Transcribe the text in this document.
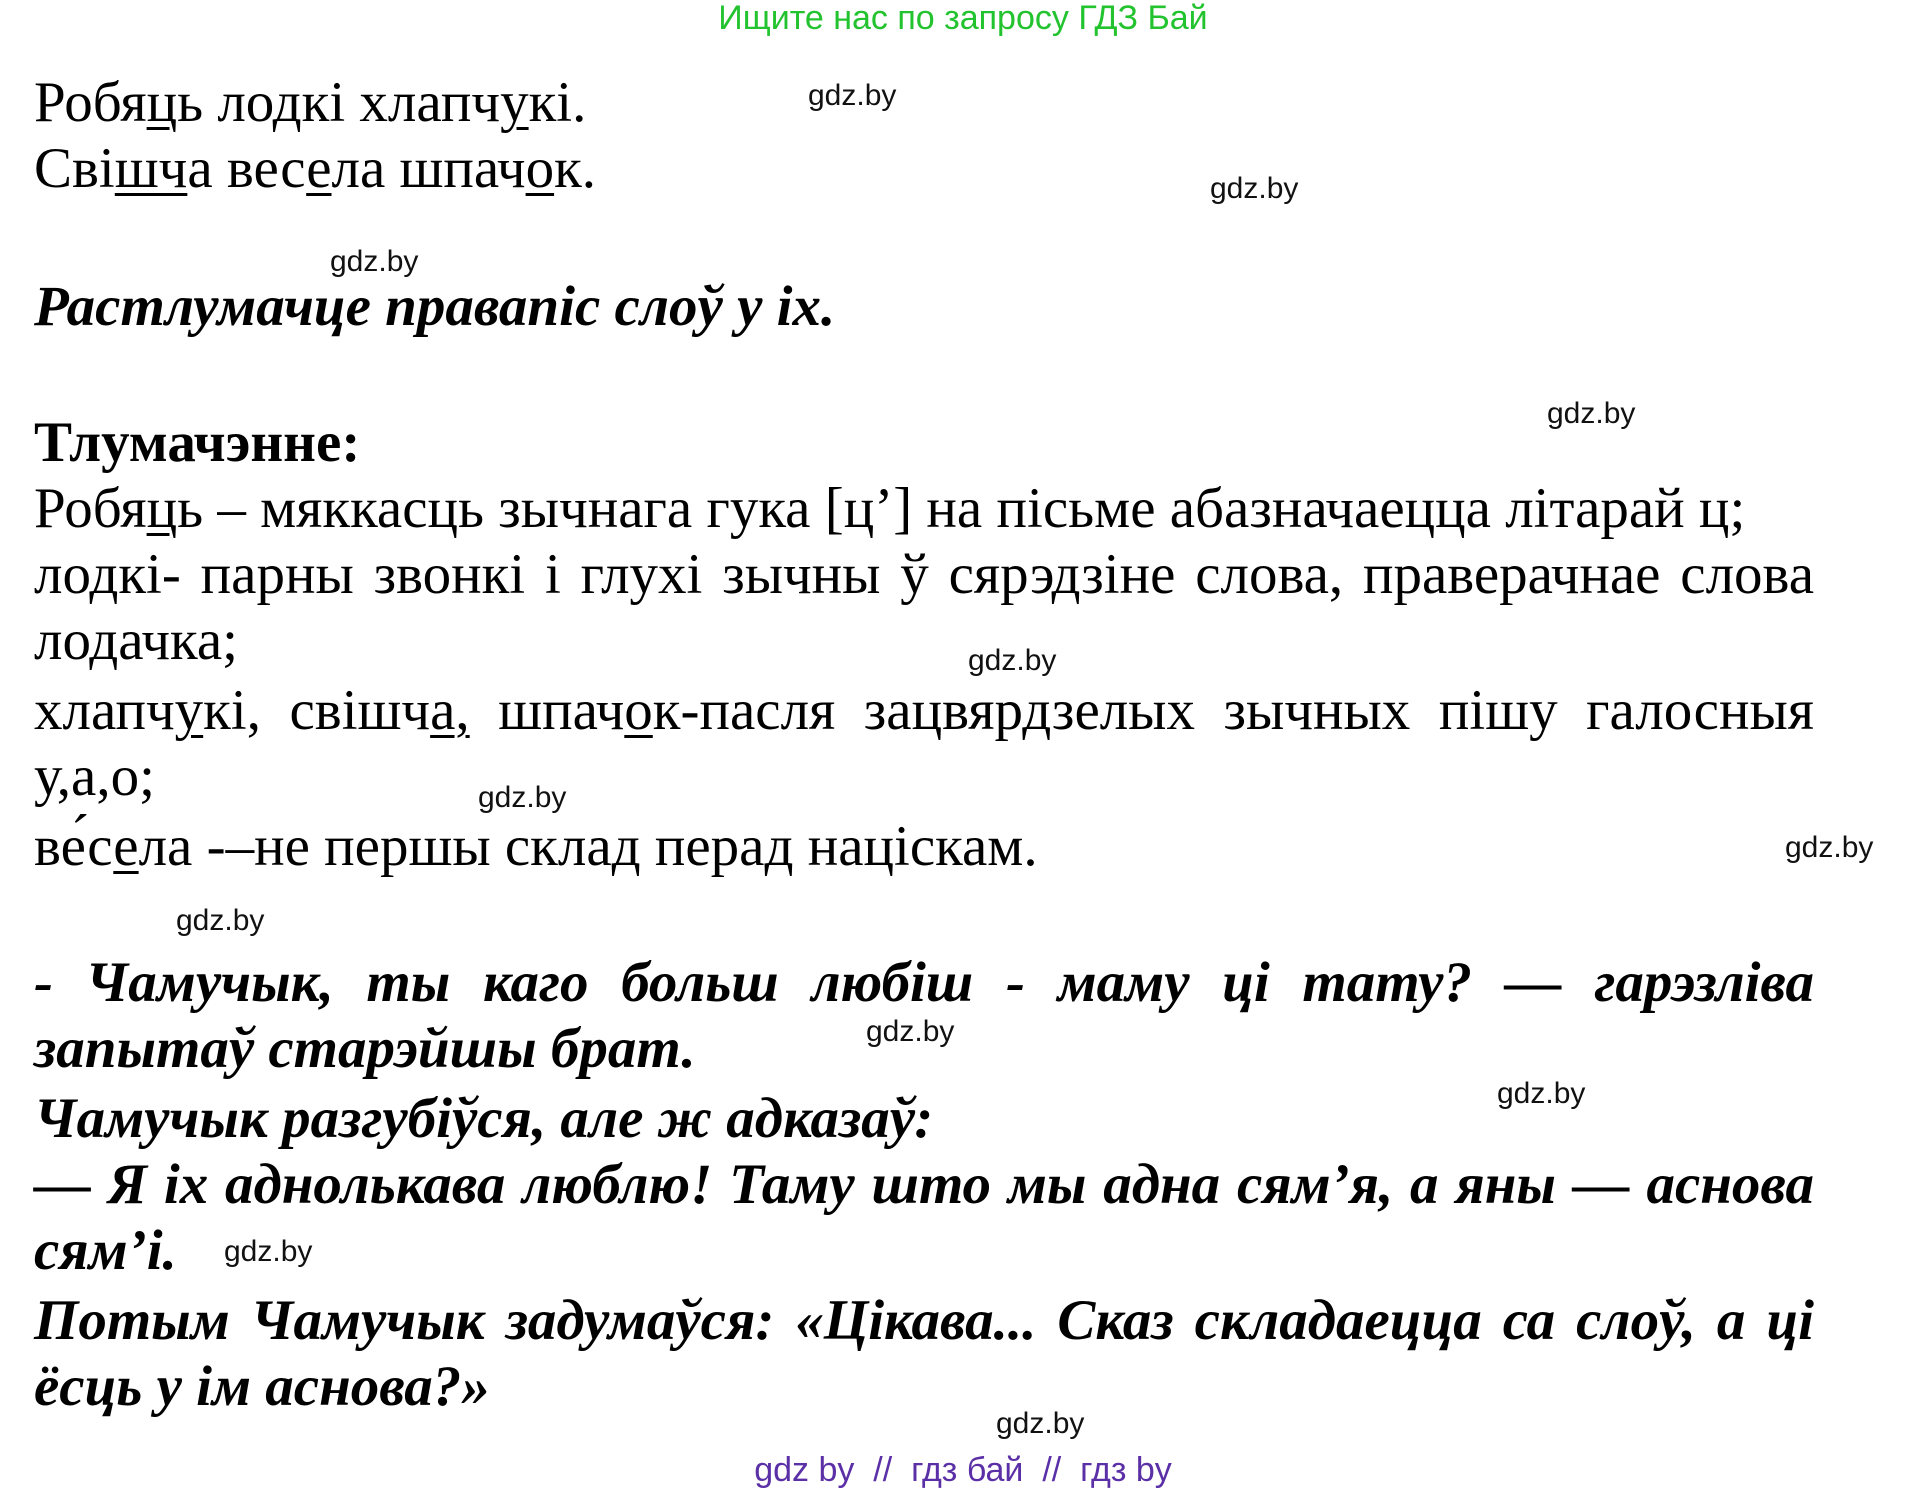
Ищите нас по запросу ГДЗ Бай
Робяць лодкі хлапчукі.
Свішча весела шпачок.
Растлумачце правапіс слоў у іх.
Тлумачэнне:
Робяць – мяккасць зычнага гука [ц’] на пісьме абазначаецца літарай ц;
лодкі- парны звонкі і глухі зычны ў сярэдзіне слова, праверачнае слова
лодачка;
хлапчукі, свішча, шпачок-пасля зацвярдзелых зычных пішу галосныя
у,а,о;
ве́села -–не першы склад перад націскам.
- Чамучык, ты каго больш любіш - маму ці тату? — гарэзліва
запытаў старэйшы брат.
Чамучык разгубіўся, але ж адказаў:
— Я іх аднолькава люблю! Таму што мы адна сям’я, а яны — аснова
сям’і.
Потым Чамучык задумаўся: «Цікава... Сказ складаецца са слоў, а ці
ёсць у ім аснова?»
gdz.by
gdz.by
gdz.by
gdz.by
gdz.by
gdz.by
gdz.by
gdz.by
gdz.by
gdz.by
gdz.by
gdz.by
gdz by  //  гдз бай  //  гдз by
